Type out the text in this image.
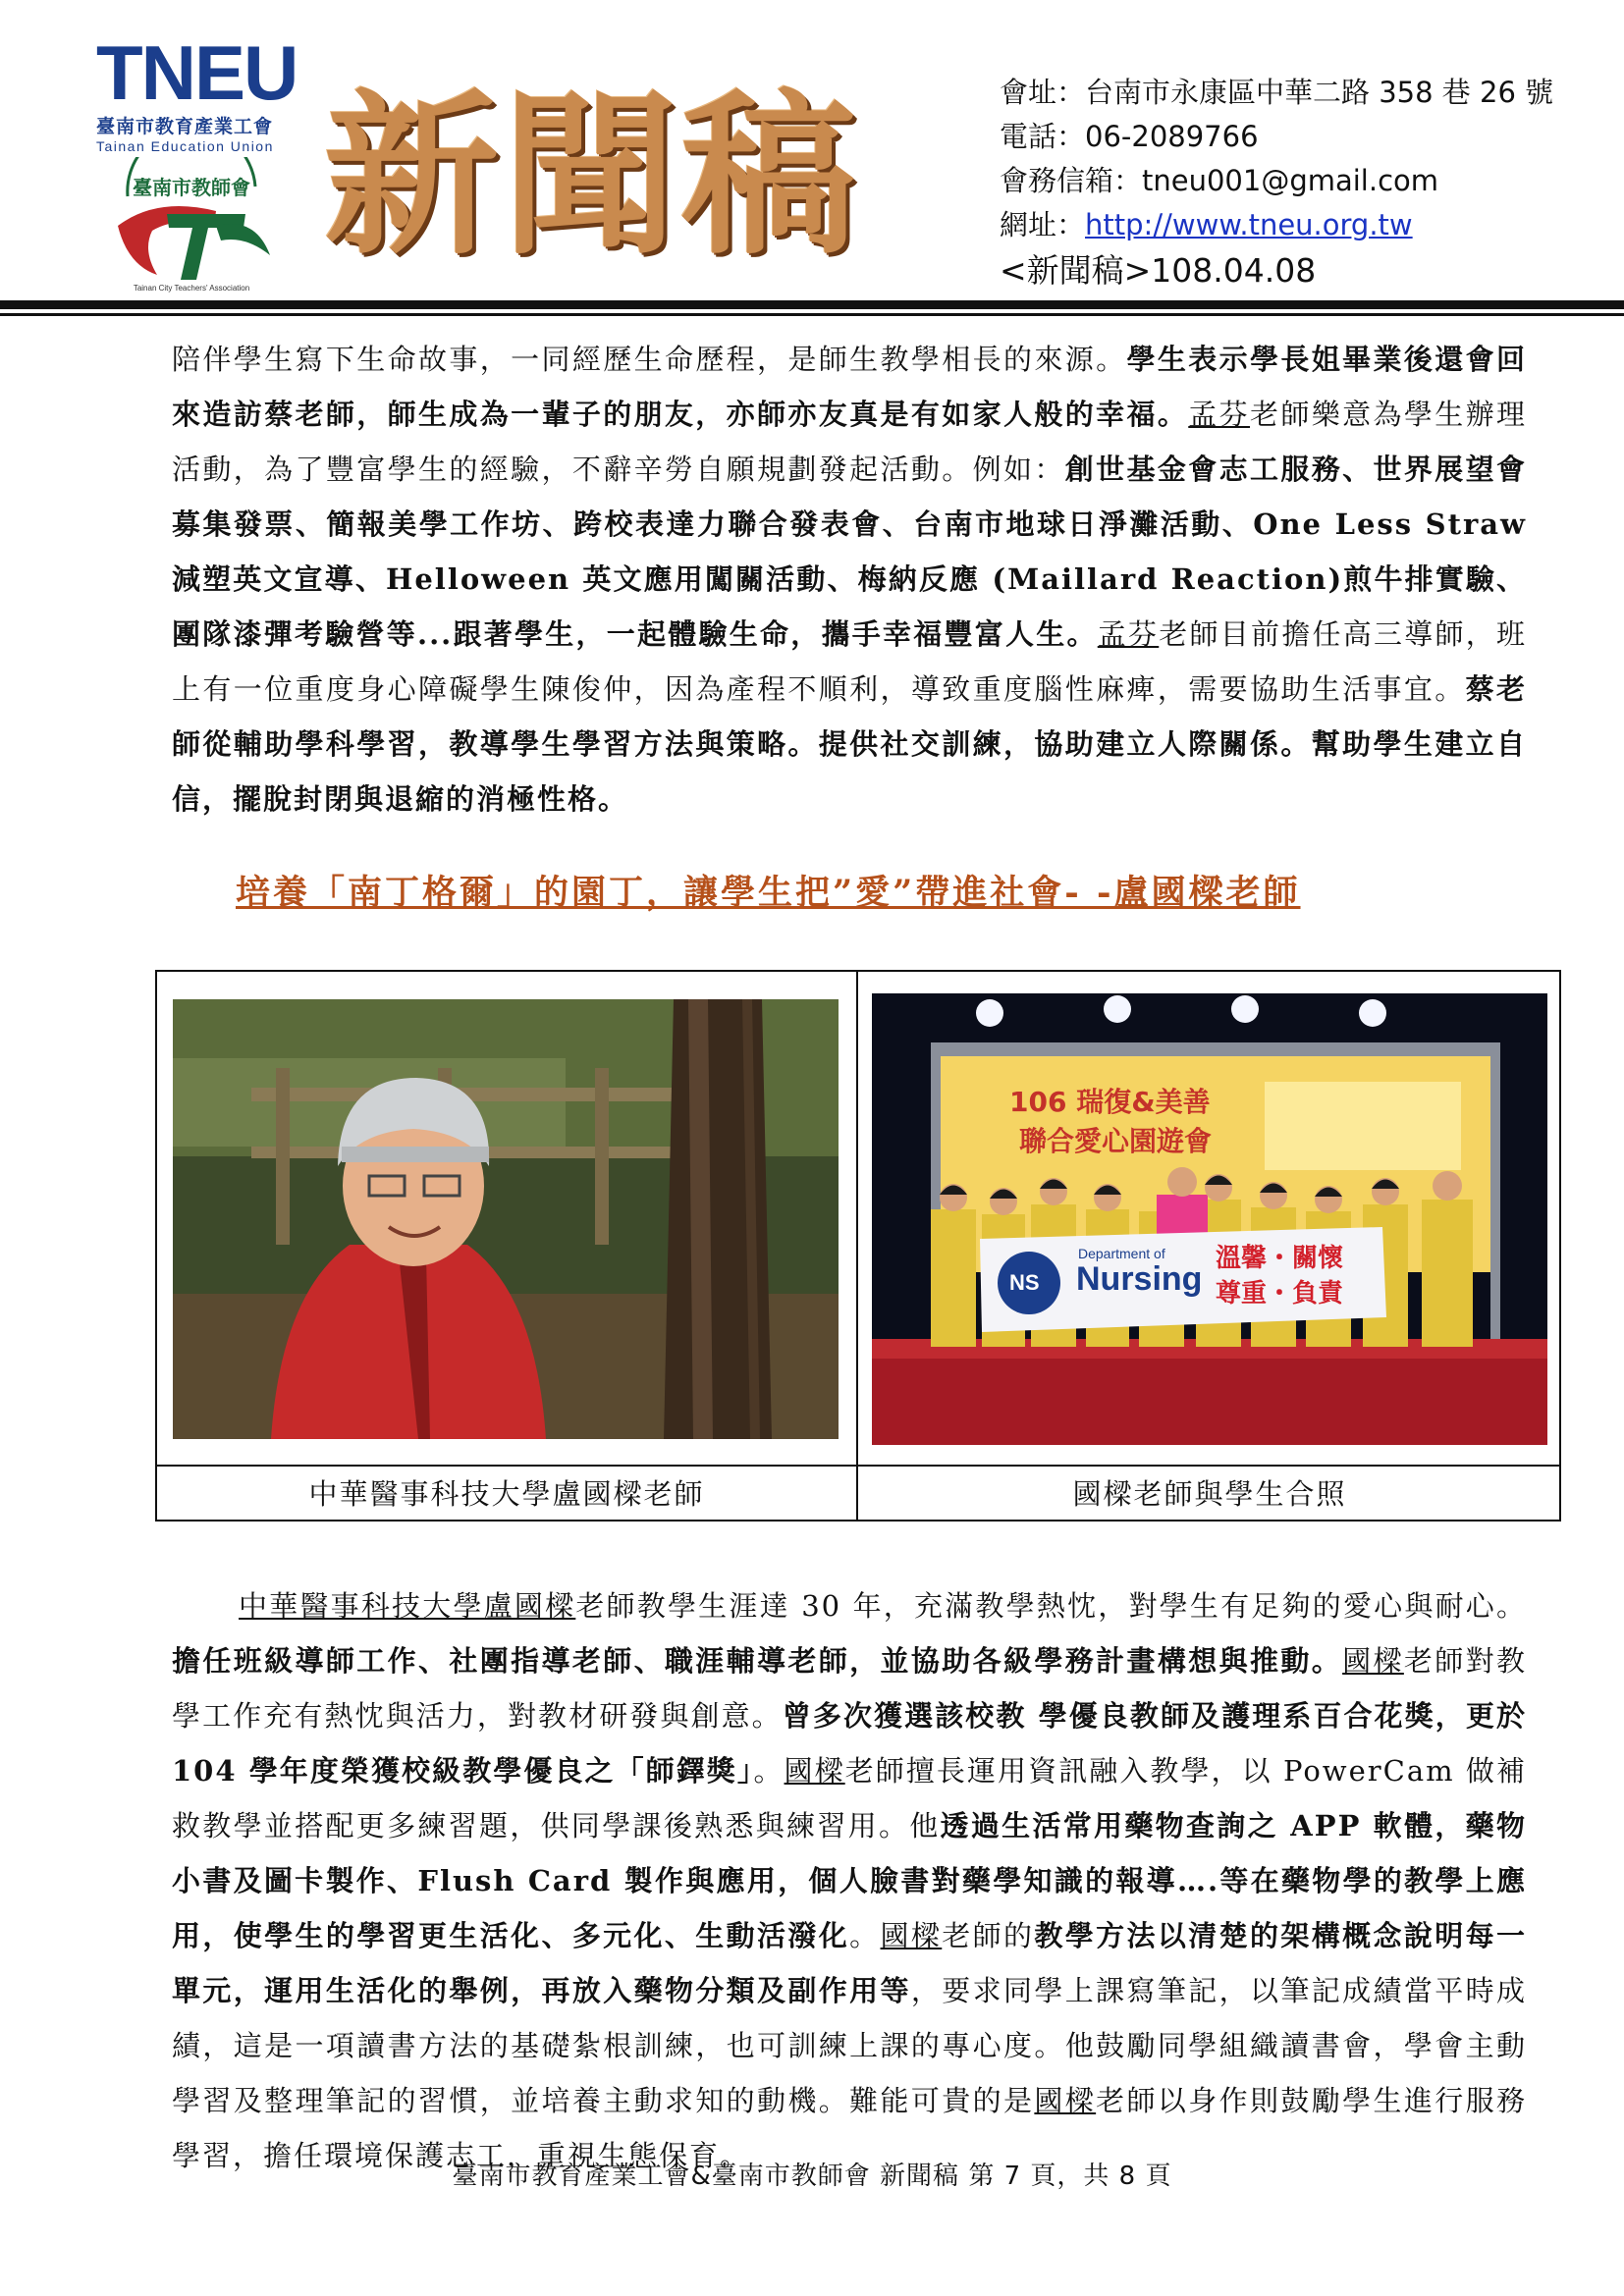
TNEU
臺南市教育產業工會
Tainan Education Union
臺南市教師會
Tainan City Teachers' Association
新聞稿	會址：台南市永康區中華二路 358 巷 26 號
電話：06-2089766
會務信箱：tneu001@gmail.com
網址：http://www.tneu.org.tw
<新聞稿>108.04.08
陪伴學生寫下生命故事，一同經歷生命歷程，是師生教學相長的來源。學生表示學長姐畢業後還會回來造訪蔡老師，師生成為一輩子的朋友，亦師亦友真是有如家人般的幸福。孟芬老師樂意為學生辦理活動，為了豐富學生的經驗，不辭辛勞自願規劃發起活動。例如：創世基金會志工服務、世界展望會募集發票、簡報美學工作坊、跨校表達力聯合發表會、台南市地球日淨灘活動、One Less Straw 減塑英文宣導、Helloween 英文應用闖關活動、梅納反應 (Maillard Reaction)煎牛排實驗、團隊漆彈考驗營等...跟著學生，一起體驗生命，攜手幸福豐富人生。孟芬老師目前擔任高三導師，班上有一位重度身心障礙學生陳俊仲，因為產程不順利，導致重度腦性麻痺，需要協助生活事宜。蔡老師從輔助學科學習，教導學生學習方法與策略。提供社交訓練，協助建立人際關係。幫助學生建立自信，擺脫封閉與退縮的消極性格。
培養「南丁格爾」的園丁，讓學生把”愛”帶進社會- -盧國樑老師
106 瑞復&美善
聯合愛心園遊會
NS
Department of
Nursing
溫馨・關懷
尊重・負責
中華醫事科技大學盧國樑老師	國樑老師與學生合照
中華醫事科技大學盧國樑老師教學生涯達 30 年，充滿教學熱忱，對學生有足夠的愛心與耐心。擔任班級導師工作、社團指導老師、職涯輔導老師，並協助各級學務計畫構想與推動。國樑老師對教學工作充有熱忱與活力，對教材研發與創意。曾多次獲選該校教 學優良教師及護理系百合花獎，更於 104 學年度榮獲校級教學優良之「師鐸獎」。國樑老師擅長運用資訊融入教學，以 PowerCam 做補救教學並搭配更多練習題，供同學課後熟悉與練習用。他透過生活常用藥物查詢之 APP 軟體，藥物小書及圖卡製作、Flush Card 製作與應用，個人臉書對藥學知識的報導….等在藥物學的教學上應用，使學生的學習更生活化、多元化、生動活潑化。國樑老師的教學方法以清楚的架構概念說明每一單元，運用生活化的舉例，再放入藥物分類及副作用等，要求同學上課寫筆記，以筆記成績當平時成績，這是一項讀書方法的基礎紮根訓練，也可訓練上課的專心度。他鼓勵同學組織讀書會，學會主動學習及整理筆記的習慣，並培養主動求知的動機。難能可貴的是國樑老師以身作則鼓勵學生進行服務學習，擔任環境保護志工，重視生態保育。
臺南市教育產業工會&臺南市教師會 新聞稿 第 7 頁，共 8 頁
